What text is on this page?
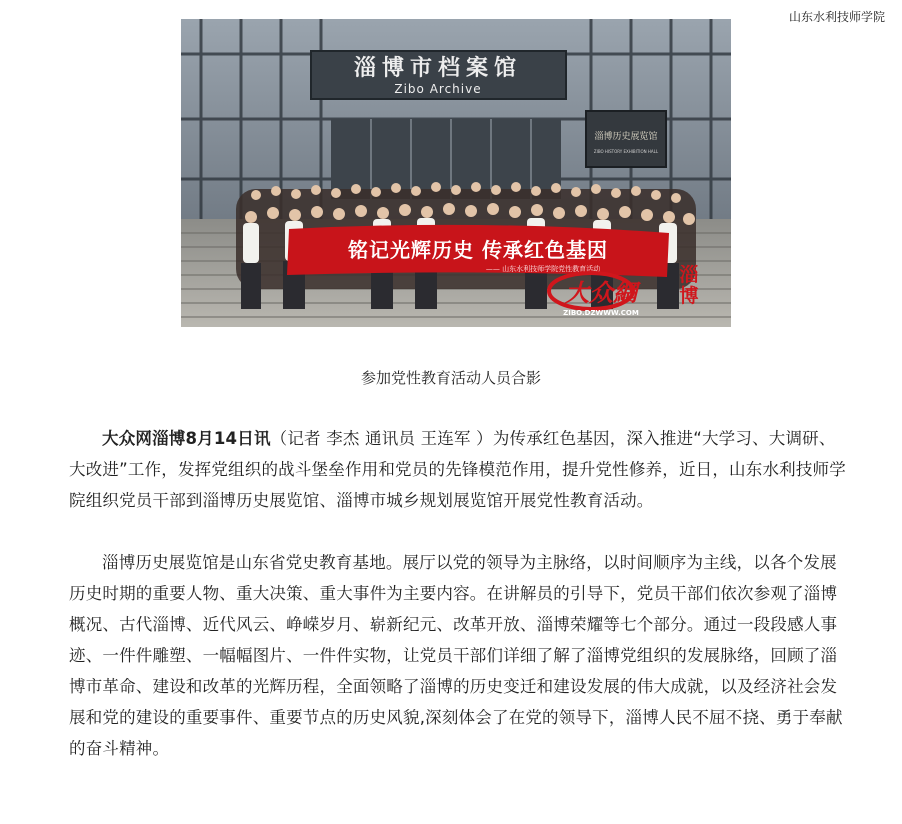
山东水利技师学院
淄博市档案馆
Zibo Archive
淄博历史展览馆
ZIBO HISTORY EXHIBITION HALL
铭记光辉历史 传承红色基因
—— 山东水利技师学院党性教育活动
大众網
ZIBO.DZWWW.COM
淄博
参加党性教育活动人员合影

大众网淄博8月14日讯（记者 李杰 通讯员 王连军 ）为传承红色基因，深入推进“大学习、大调研、大改进”工作，发挥党组织的战斗堡垒作用和党员的先锋模范作用，提升党性修养，近日，山东水利技师学院组织党员干部到淄博历史展览馆、淄博市城乡规划展览馆开展党性教育活动。

淄博历史展览馆是山东省党史教育基地。展厅以党的领导为主脉络，以时间顺序为主线，以各个发展历史时期的重要人物、重大决策、重大事件为主要内容。在讲解员的引导下，党员干部们依次参观了淄博概况、古代淄博、近代风云、峥嵘岁月、崭新纪元、改革开放、淄博荣耀等七个部分。通过一段段感人事迹、一件件雕塑、一幅幅图片、一件件实物，让党员干部们详细了解了淄博党组织的发展脉络，回顾了淄博市革命、建设和改革的光辉历程，全面领略了淄博的历史变迁和建设发展的伟大成就，以及经济社会发展和党的建设的重要事件、重要节点的历史风貌,深刻体会了在党的领导下，淄博人民不屈不挠、勇于奉献的奋斗精神。
